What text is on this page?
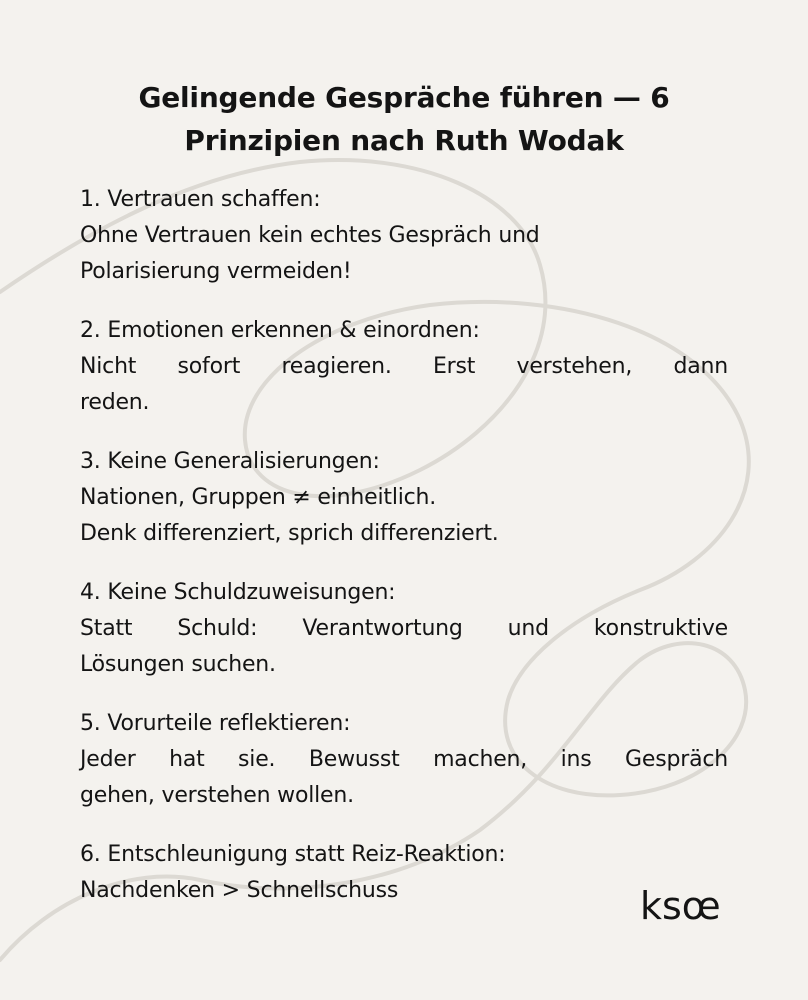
Gelingende Gespräche führen — 6
Prinzipien nach Ruth Wodak
1. Vertrauen schaffen:
Ohne Vertrauen kein echtes Gespräch und
Polarisierung vermeiden!
2. Emotionen erkennen & einordnen:
Nicht sofort reagieren. Erst verstehen, dann
reden.
3. Keine Generalisierungen:
Nationen, Gruppen ≠ einheitlich.
Denk differenziert, sprich differenziert.
4. Keine Schuldzuweisungen:
Statt Schuld: Verantwortung und konstruktive
Lösungen suchen.
5. Vorurteile reflektieren:
Jeder hat sie. Bewusst machen, ins Gespräch
gehen, verstehen wollen.
6. Entschleunigung statt Reiz-Reaktion:
Nachdenken > Schnellschuss	ksœ
